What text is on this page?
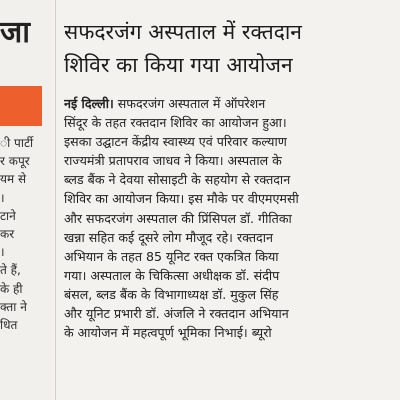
जा
ी पार्टी
र कपूर
यम से
।
टाने
कर
।
ते हैं,
के ही
क्ता ने
धित
सफदरजंग अस्पताल में रक्तदान
शिविर का किया गया आयोजन
नई दिल्ली। सफदरजंग अस्पताल में ऑपरेशन
सिंदूर के तहत रक्तदान शिविर का आयोजन हुआ।
इसका उद्घाटन केंद्रीय स्वास्थ्य एवं परिवार कल्याण
राज्यमंत्री प्रतापराव जाधव ने किया। अस्पताल के
ब्लड बैंक ने देवया सोसाइटी के सहयोग से रक्तदान
शिविर का आयोजन किया। इस मौके पर वीएमएमसी
और सफदरजंग अस्पताल की प्रिंसिपल डॉ. गीतिका
खन्ना सहित कई दूसरे लोग मौजूद रहे। रक्तदान
अभियान के तहत 85 यूनिट रक्त एकत्रित किया
गया। अस्पताल के चिकित्सा अधीक्षक डॉ. संदीप
बंसल, ब्लड बैंक के विभागाध्यक्ष डॉ. मुकुल सिंह
और यूनिट प्रभारी डॉ. अंजलि ने रक्तदान अभियान
के आयोजन में महत्वपूर्ण भूमिका निभाई। ब्यूरो
